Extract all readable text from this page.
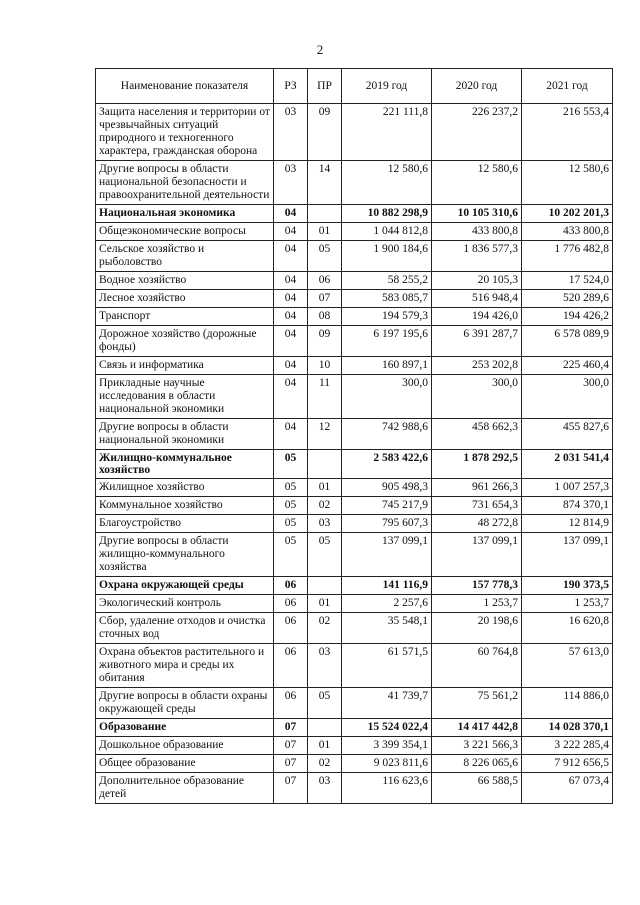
2
Наименование показателя	РЗ	ПР	2019 год	2020 год	2021 год
Защита населения и территории от чрезвычайных ситуаций природного и техногенного характера, гражданская оборона	03	09	221 111,8	226 237,2	216 553,4
Другие вопросы в области национальной безопасности и правоохранительной деятельности	03	14	12 580,6	12 580,6	12 580,6
Национальная экономика	04		10 882 298,9	10 105 310,6	10 202 201,3
Общеэкономические вопросы	04	01	1 044 812,8	433 800,8	433 800,8
Сельское хозяйство и рыболовство	04	05	1 900 184,6	1 836 577,3	1 776 482,8
Водное хозяйство	04	06	58 255,2	20 105,3	17 524,0
Лесное хозяйство	04	07	583 085,7	516 948,4	520 289,6
Транспорт	04	08	194 579,3	194 426,0	194 426,2
Дорожное хозяйство (дорожные фонды)	04	09	6 197 195,6	6 391 287,7	6 578 089,9
Связь и информатика	04	10	160 897,1	253 202,8	225 460,4
Прикладные научные исследования в области национальной экономики	04	11	300,0	300,0	300,0
Другие вопросы в области национальной экономики	04	12	742 988,6	458 662,3	455 827,6
Жилищно-коммунальное хозяйство	05		2 583 422,6	1 878 292,5	2 031 541,4
Жилищное хозяйство	05	01	905 498,3	961 266,3	1 007 257,3
Коммунальное хозяйство	05	02	745 217,9	731 654,3	874 370,1
Благоустройство	05	03	795 607,3	48 272,8	12 814,9
Другие вопросы в области жилищно-коммунального хозяйства	05	05	137 099,1	137 099,1	137 099,1
Охрана окружающей среды	06		141 116,9	157 778,3	190 373,5
Экологический контроль	06	01	2 257,6	1 253,7	1 253,7
Сбор, удаление отходов и очистка сточных вод	06	02	35 548,1	20 198,6	16 620,8
Охрана объектов растительного и животного мира и среды их обитания	06	03	61 571,5	60 764,8	57 613,0
Другие вопросы в области охраны окружающей среды	06	05	41 739,7	75 561,2	114 886,0
Образование	07		15 524 022,4	14 417 442,8	14 028 370,1
Дошкольное образование	07	01	3 399 354,1	3 221 566,3	3 222 285,4
Общее образование	07	02	9 023 811,6	8 226 065,6	7 912 656,5
Дополнительное образование детей	07	03	116 623,6	66 588,5	67 073,4
